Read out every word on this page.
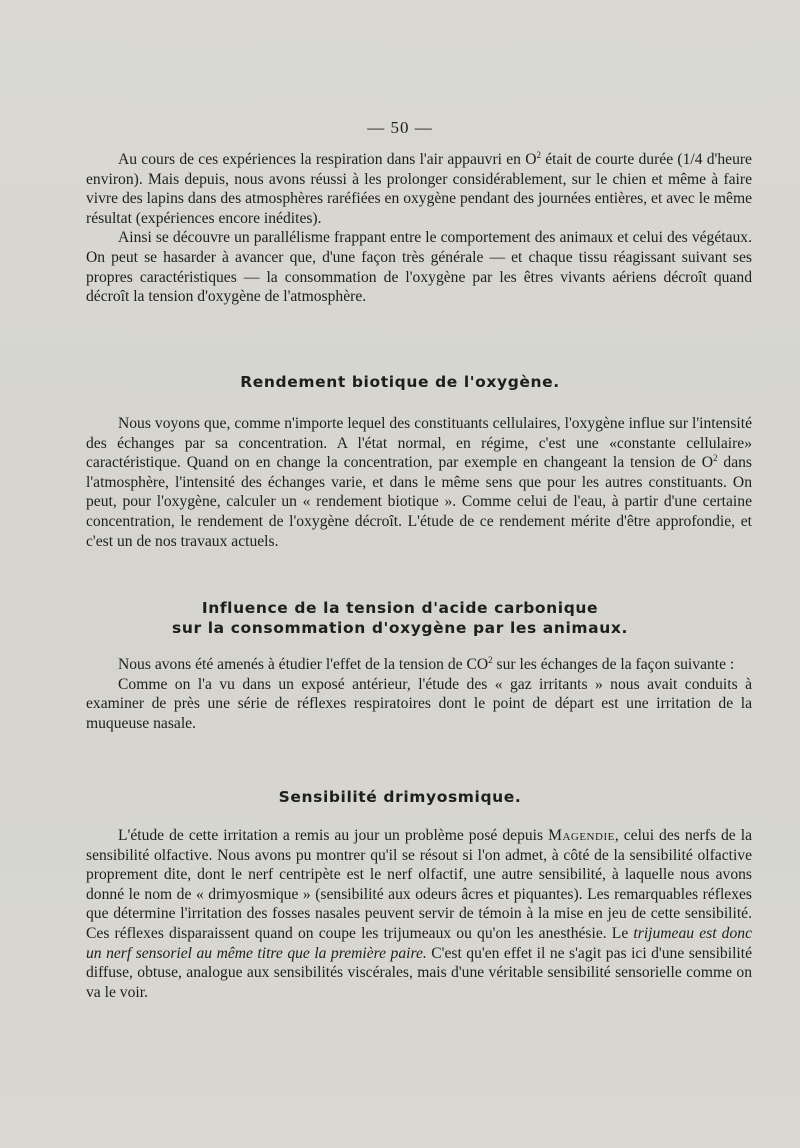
— 50 —

Au cours de ces expériences la respiration dans l'air appauvri en $O^2$ était de courte durée (1/4 d'heure environ). Mais depuis, nous avons réussi à les prolonger considérablement, sur le chien et même à faire vivre des lapins dans des atmosphères raréfiées en oxygène pendant des journées entières, et avec le même résultat (expériences encore inédites).

Ainsi se découvre un parallélisme frappant entre le comportement des animaux et celui des végétaux. On peut se hasarder à avancer que, d'une façon très générale — et chaque tissu réagissant suivant ses propres caractéristiques — la consommation de l'oxygène par les êtres vivants aériens décroît quand décroît la tension d'oxygène de l'atmosphère.

Rendement biotique de l'oxygène.

Nous voyons que, comme n'importe lequel des constituants cellulaires, l'oxygène influe sur l'intensité des échanges par sa concentration. A l'état normal, en régime, c'est une «constante cellulaire» caractéristique. Quand on en change la concentration, par exemple en changeant la tension de $O^2$ dans l'atmosphère, l'intensité des échanges varie, et dans le même sens que pour les autres constituants. On peut, pour l'oxygène, calculer un « rendement biotique ». Comme celui de l'eau, à partir d'une certaine concentration, le rendement de l'oxygène décroît. L'étude de ce rendement mérite d'être approfondie, et c'est un de nos travaux actuels.

Influence de la tension d'acide carbonique
sur la consommation d'oxygène par les animaux.

Nous avons été amenés à étudier l'effet de la tension de $CO^2$ sur les échanges de la façon suivante :

Comme on l'a vu dans un exposé antérieur, l'étude des « gaz irritants » nous avait conduits à examiner de près une série de réflexes respiratoires dont le point de départ est une irritation de la muqueuse nasale.

Sensibilité drimyosmique.

L'étude de cette irritation a remis au jour un problème posé depuis Magendie, celui des nerfs de la sensibilité olfactive. Nous avons pu montrer qu'il se résout si l'on admet, à côté de la sensibilité olfactive proprement dite, dont le nerf centripète est le nerf olfactif, une autre sensibilité, à laquelle nous avons donné le nom de « drimyosmique » (sensibilité aux odeurs âcres et piquantes). Les remarquables réflexes que détermine l'irritation des fosses nasales peuvent servir de témoin à la mise en jeu de cette sensibilité. Ces réflexes disparaissent quand on coupe les trijumeaux ou qu'on les anesthésie. Le trijumeau est donc un nerf sensoriel au même titre que la première paire. C'est qu'en effet il ne s'agit pas ici d'une sensibilité diffuse, obtuse, analogue aux sensibilités viscérales, mais d'une véritable sensibilité sensorielle comme on va le voir.
